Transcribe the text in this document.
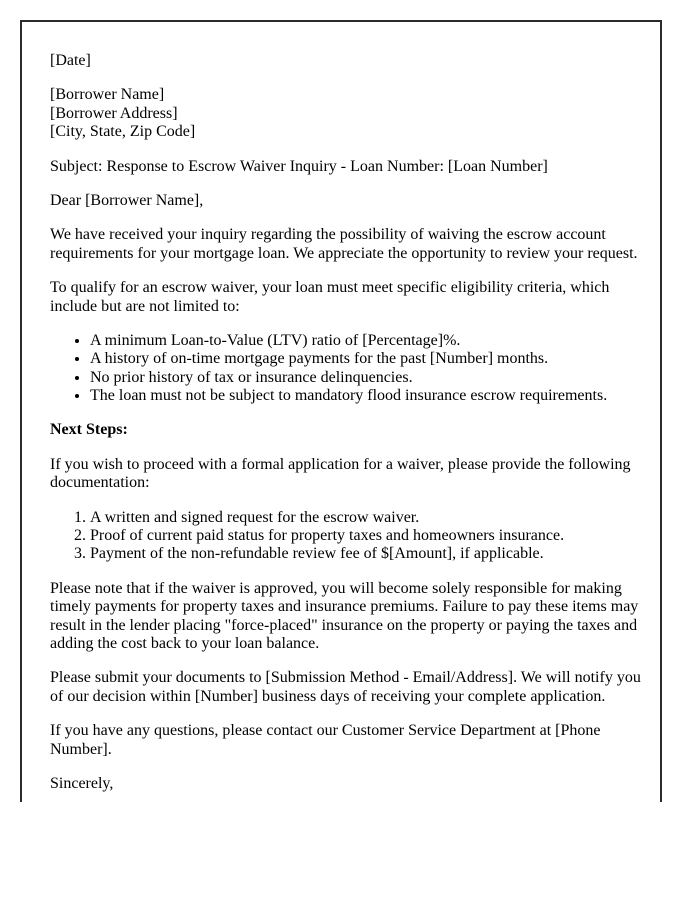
[Date]

[Borrower Name]
[Borrower Address]
[City, State, Zip Code]

Subject: Response to Escrow Waiver Inquiry - Loan Number: [Loan Number]

Dear [Borrower Name],

We have received your inquiry regarding the possibility of waiving the escrow account requirements for your mortgage loan. We appreciate the opportunity to review your request.

To qualify for an escrow waiver, your loan must meet specific eligibility criteria, which include but are not limited to:

• A minimum Loan-to-Value (LTV) ratio of [Percentage]%.
• A history of on-time mortgage payments for the past [Number] months.
• No prior history of tax or insurance delinquencies.
• The loan must not be subject to mandatory flood insurance escrow requirements.

Next Steps:

If you wish to proceed with a formal application for a waiver, please provide the following documentation:

1. A written and signed request for the escrow waiver.
2. Proof of current paid status for property taxes and homeowners insurance.
3. Payment of the non-refundable review fee of $[Amount], if applicable.

Please note that if the waiver is approved, you will become solely responsible for making timely payments for property taxes and insurance premiums. Failure to pay these items may result in the lender placing "force-placed" insurance on the property or paying the taxes and adding the cost back to your loan balance.

Please submit your documents to [Submission Method - Email/Address]. We will notify you of our decision within [Number] business days of receiving your complete application.

If you have any questions, please contact our Customer Service Department at [Phone Number].

Sincerely,
